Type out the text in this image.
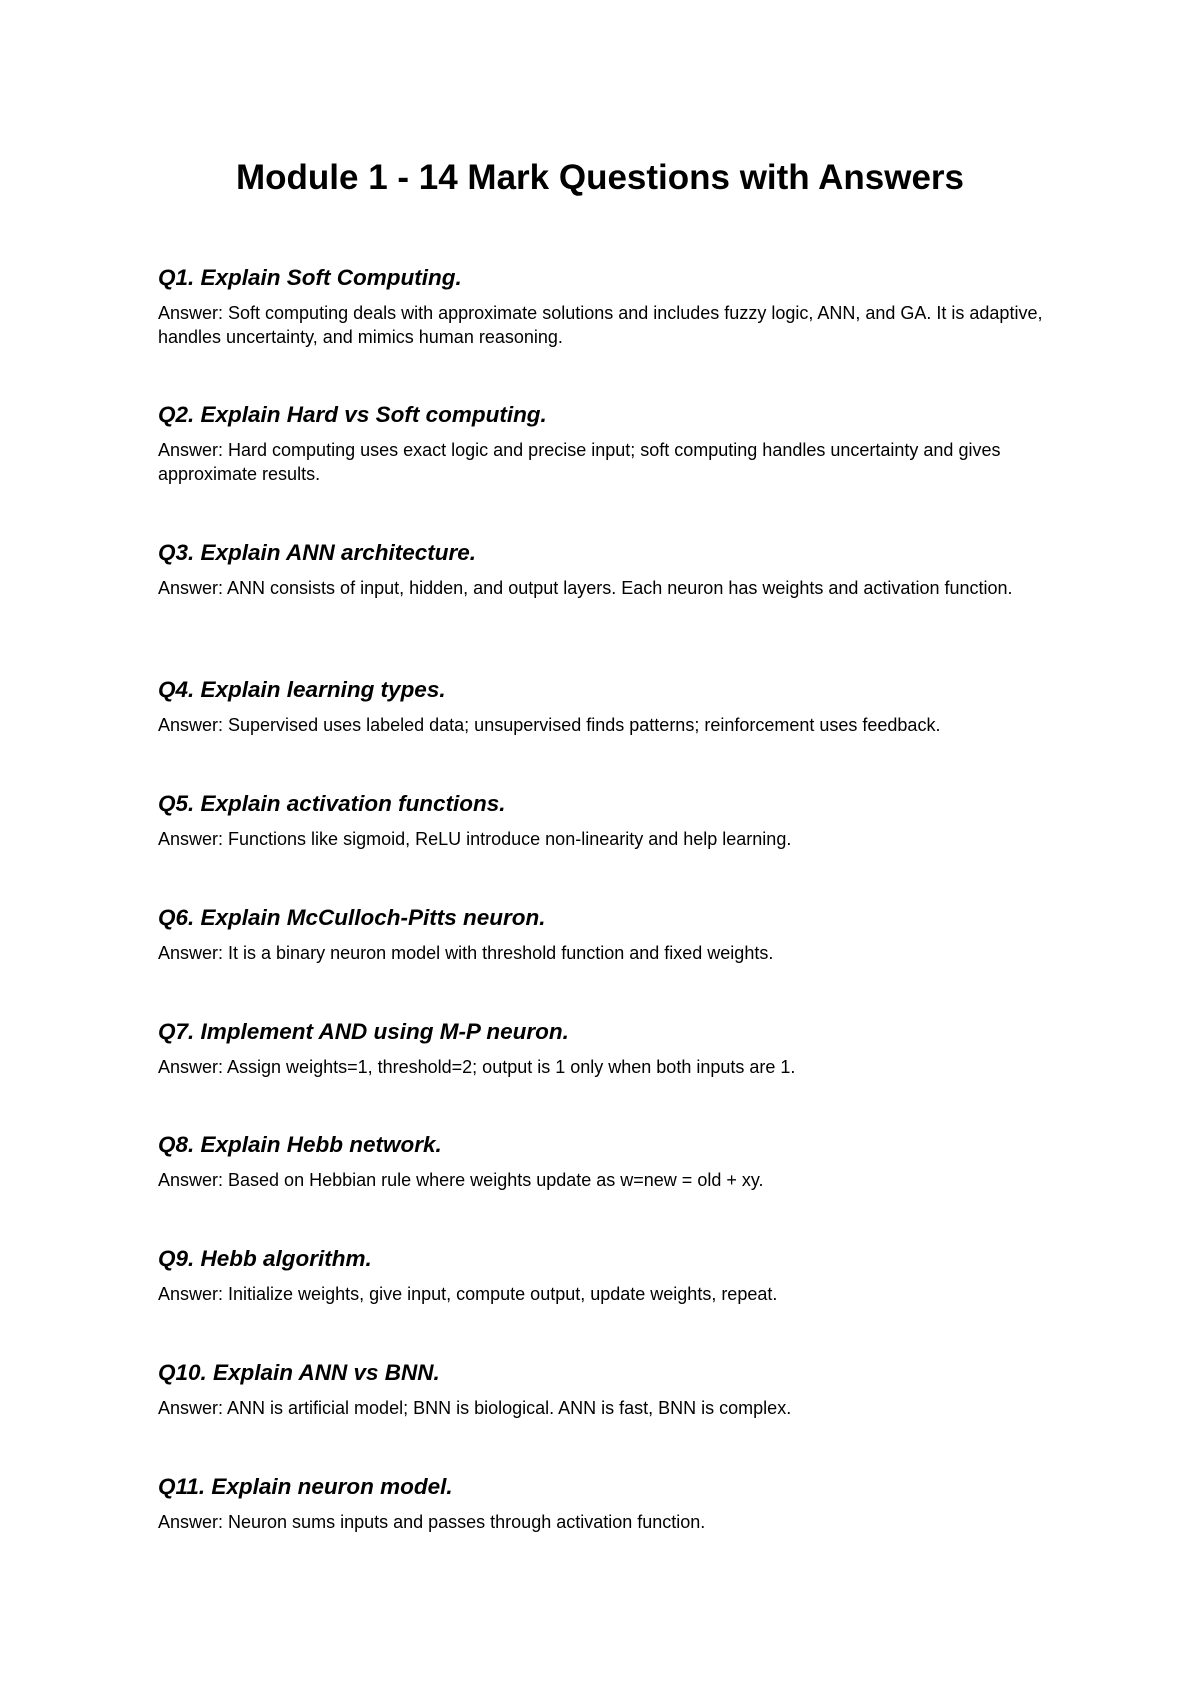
Module 1 - 14 Mark Questions with Answers

Q1. Explain Soft Computing.

Answer: Soft computing deals with approximate solutions and includes fuzzy logic, ANN, and GA. It is adaptive, handles uncertainty, and mimics human reasoning.

Q2. Explain Hard vs Soft computing.

Answer: Hard computing uses exact logic and precise input; soft computing handles uncertainty and gives approximate results.

Q3. Explain ANN architecture.

Answer: ANN consists of input, hidden, and output layers. Each neuron has weights and activation function.

Q4. Explain learning types.

Answer: Supervised uses labeled data; unsupervised finds patterns; reinforcement uses feedback.

Q5. Explain activation functions.

Answer: Functions like sigmoid, ReLU introduce non-linearity and help learning.

Q6. Explain McCulloch-Pitts neuron.

Answer: It is a binary neuron model with threshold function and fixed weights.

Q7. Implement AND using M-P neuron.

Answer: Assign weights=1, threshold=2; output is 1 only when both inputs are 1.

Q8. Explain Hebb network.

Answer: Based on Hebbian rule where weights update as w=new = old + xy.

Q9. Hebb algorithm.

Answer: Initialize weights, give input, compute output, update weights, repeat.

Q10. Explain ANN vs BNN.

Answer: ANN is artificial model; BNN is biological. ANN is fast, BNN is complex.

Q11. Explain neuron model.

Answer: Neuron sums inputs and passes through activation function.
